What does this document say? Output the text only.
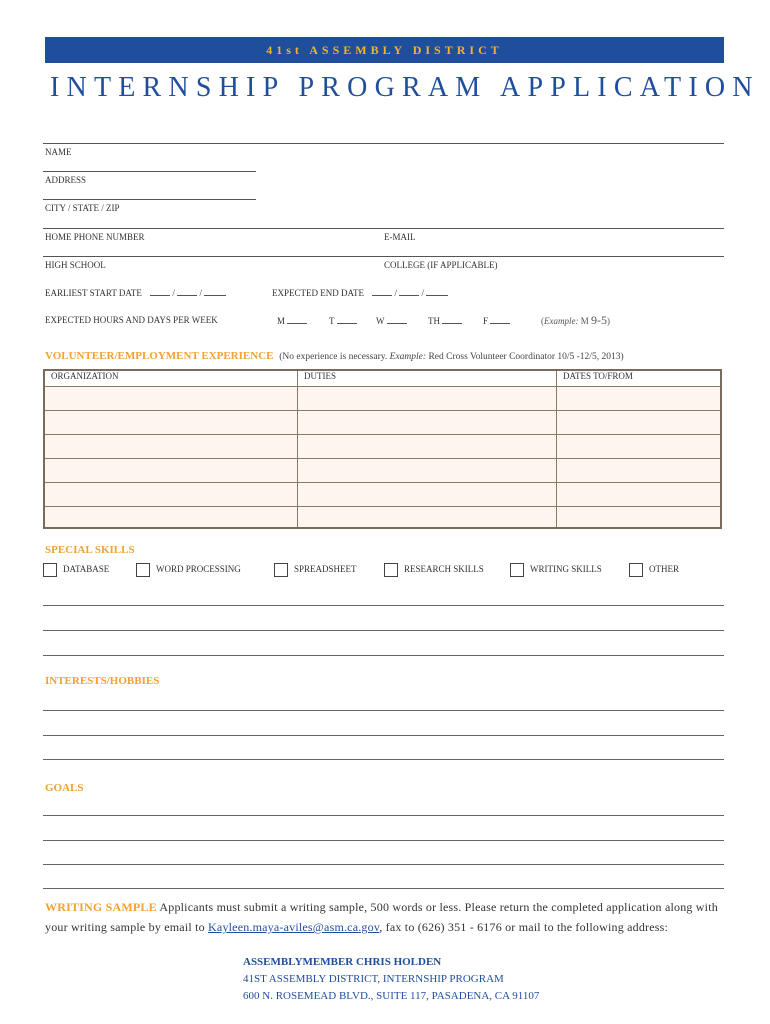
41st ASSEMBLY DISTRICT
INTERNSHIP PROGRAM APPLICATION
NAME
ADDRESS
CITY / STATE / ZIP
HOME PHONE NUMBER	E-MAIL
HIGH SCHOOL	COLLEGE (IF APPLICABLE)
EARLIEST START DATE	/  /	EXPECTED END DATE	/  /
EXPECTED HOURS AND DAYS PER WEEK	M	T	W	TH	F	(Example: M 9-5)
VOLUNTEER/EMPLOYMENT EXPERIENCE (No experience is necessary. Example: Red Cross Volunteer Coordinator 10/5 -12/5, 2013)
ORGANIZATION	DUTIES	DATES TO/FROM

SPECIAL SKILLS
DATABASE	WORD PROCESSING	SPREADSHEET	RESEARCH SKILLS	WRITING SKILLS	OTHER
INTERESTS/HOBBIES
GOALS
WRITING SAMPLE Applicants must submit a writing sample, 500 words or less. Please return the completed application along with your writing sample by email to Kayleen.maya-aviles@asm.ca.gov, fax to (626) 351 - 6176 or mail to the following address:
ASSEMBLYMEMBER CHRIS HOLDEN
41ST ASSEMBLY DISTRICT, INTERNSHIP PROGRAM
600 N. ROSEMEAD BLVD., SUITE 117, PASADENA, CA 91107
